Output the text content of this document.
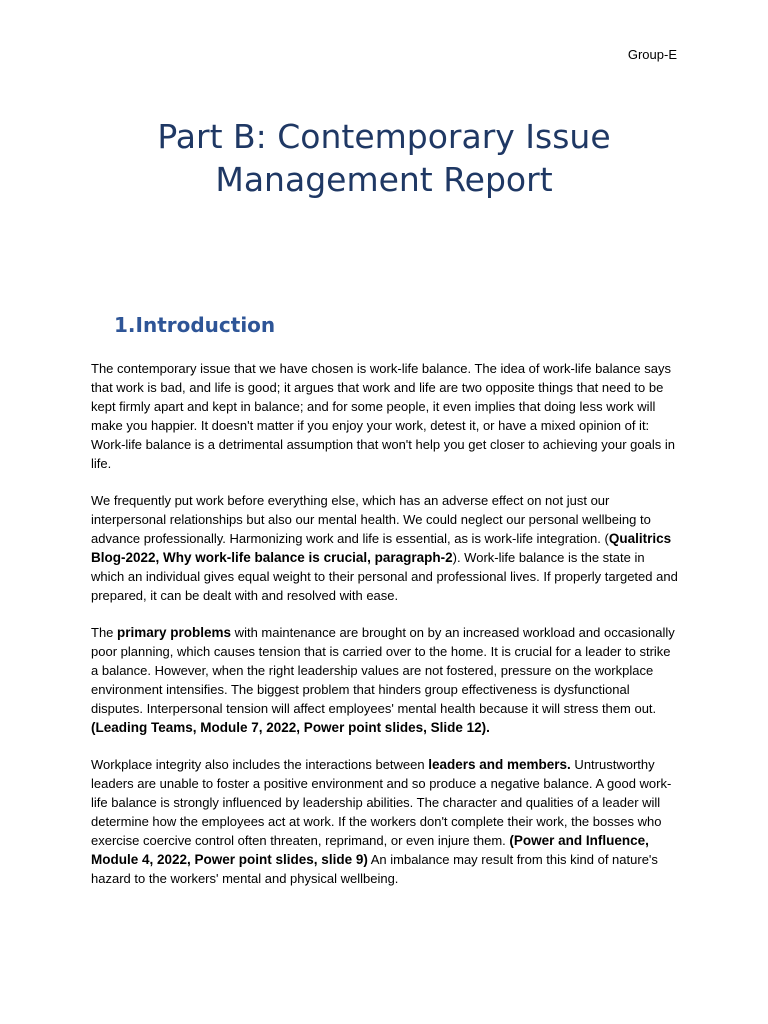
Group-E
Part B: Contemporary Issue
Management Report
1.Introduction

The contemporary issue that we have chosen is work-life balance. The idea of work-life balance says that work is bad, and life is good; it argues that work and life are two opposite things that need to be kept firmly apart and kept in balance; and for some people, it even implies that doing less work will make you happier. It doesn't matter if you enjoy your work, detest it, or have a mixed opinion of it: Work-life balance is a detrimental assumption that won't help you get closer to achieving your goals in life.

We frequently put work before everything else, which has an adverse effect on not just our interpersonal relationships but also our mental health. We could neglect our personal wellbeing to advance professionally. Harmonizing work and life is essential, as is work-life integration. (Qualitrics Blog-2022, Why work-life balance is crucial, paragraph-2). Work-life balance is the state in which an individual gives equal weight to their personal and professional lives. If properly targeted and prepared, it can be dealt with and resolved with ease.

The primary problems with maintenance are brought on by an increased workload and occasionally poor planning, which causes tension that is carried over to the home. It is crucial for a leader to strike a balance. However, when the right leadership values are not fostered, pressure on the workplace environment intensifies. The biggest problem that hinders group effectiveness is dysfunctional disputes. Interpersonal tension will affect employees' mental health because it will stress them out. (Leading Teams, Module 7, 2022, Power point slides, Slide 12).

Workplace integrity also includes the interactions between leaders and members. Untrustworthy leaders are unable to foster a positive environment and so produce a negative balance. A good work-life balance is strongly influenced by leadership abilities. The character and qualities of a leader will determine how the employees act at work. If the workers don't complete their work, the bosses who exercise coercive control often threaten, reprimand, or even injure them. (Power and Influence, Module 4, 2022, Power point slides, slide 9) An imbalance may result from this kind of nature's hazard to the workers' mental and physical wellbeing.
